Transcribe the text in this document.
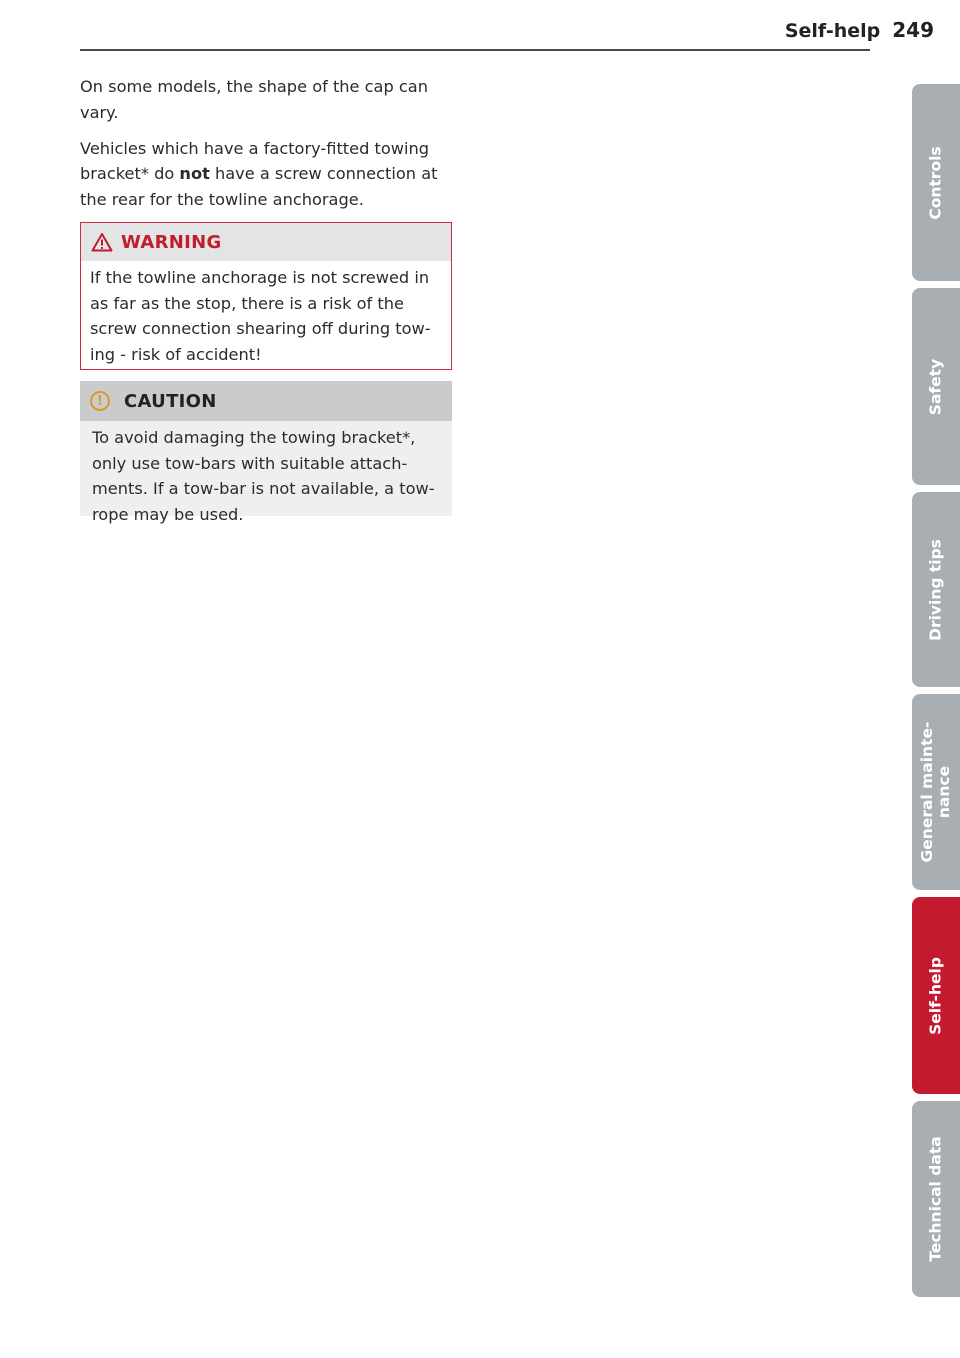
Self-help 249

On some models, the shape of the cap can vary.

Vehicles which have a factory-fitted towing bracket* do not have a screw connection at the rear for the towline anchorage.

WARNING
If the towline anchorage is not screwed in as far as the stop, there is a risk of the screw connection shearing off during tow-ing - risk of accident!
!	CAUTION
To avoid damaging the towing bracket*, only use tow-bars with suitable attach-ments. If a tow-bar is not available, a tow-rope may be used.
Controls
Safety
Driving tips
General mainte-
nance
Self-help
Technical data
